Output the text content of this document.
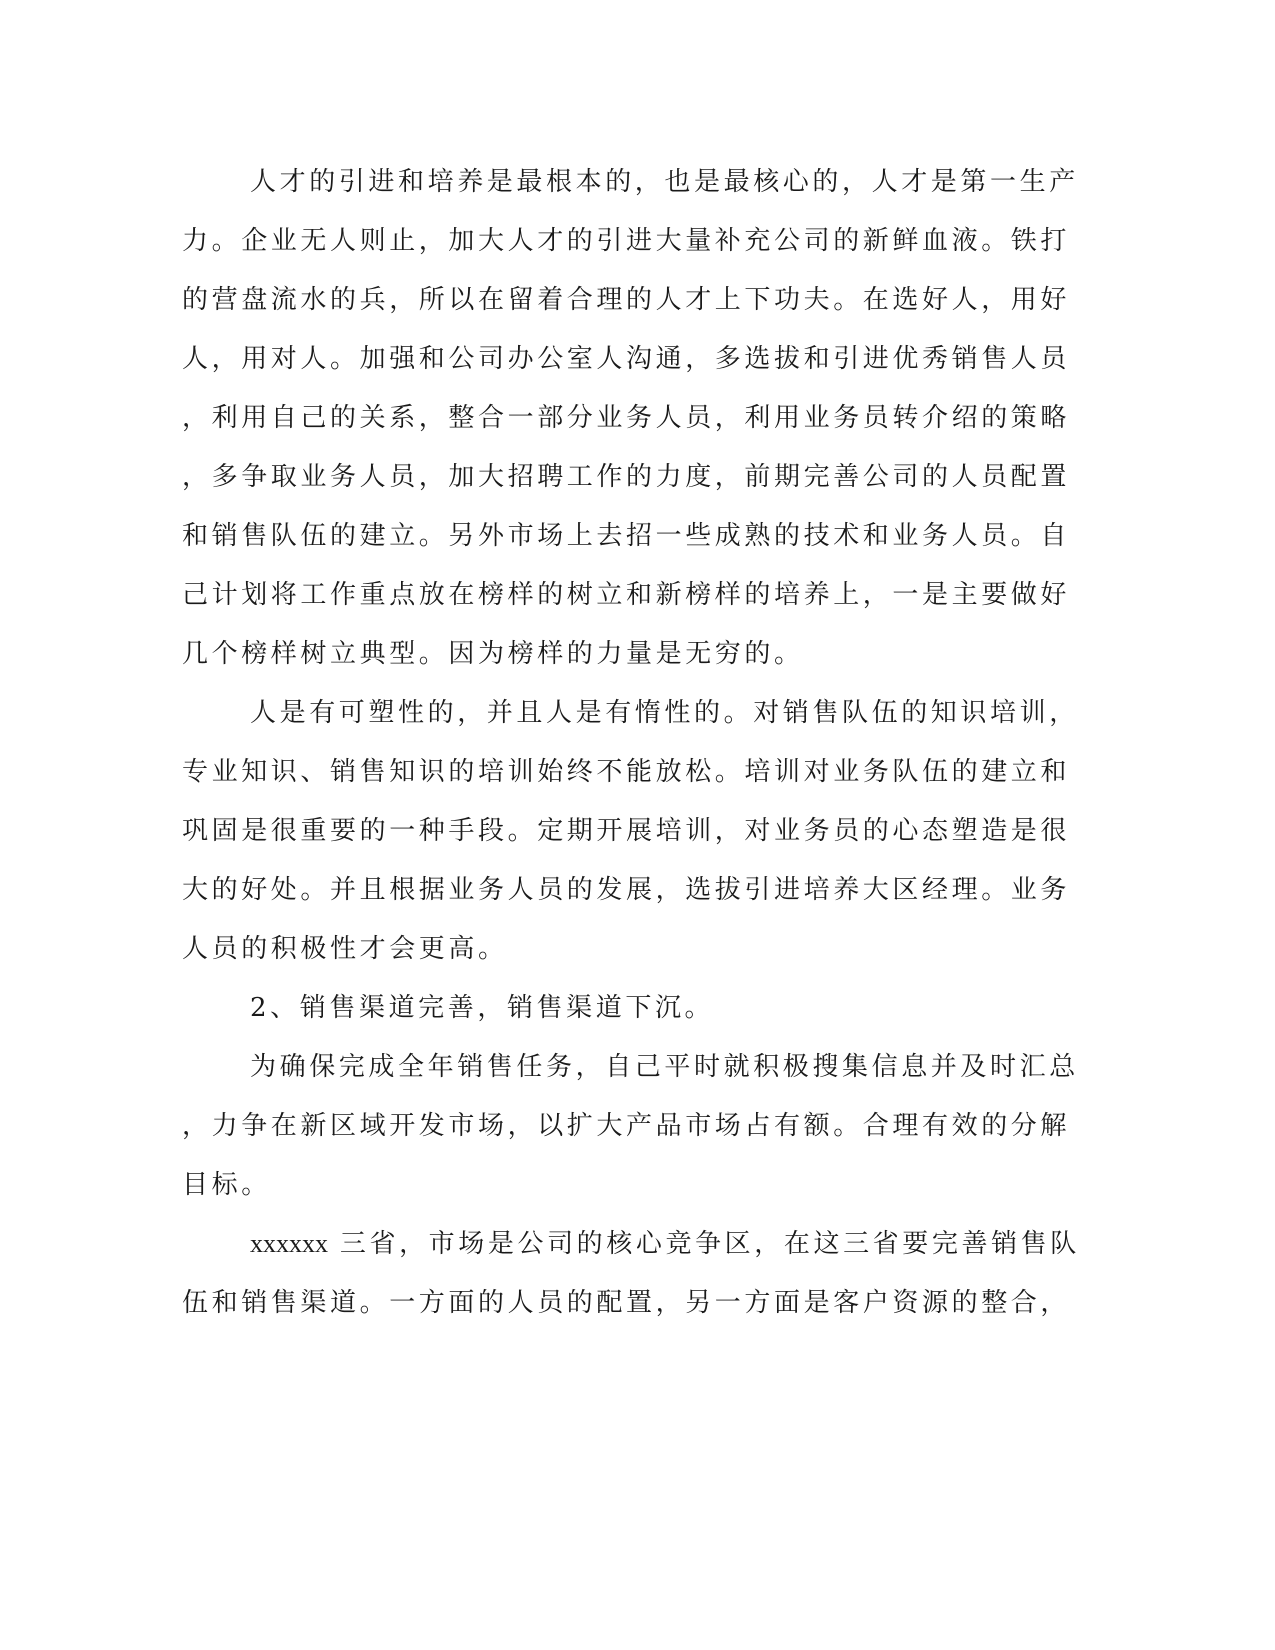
人才的引进和培养是最根本的，也是最核心的，人才是第一生产

力。企业无人则止，加大人才的引进大量补充公司的新鲜血液。铁打

的营盘流水的兵，所以在留着合理的人才上下功夫。在选好人，用好

人，用对人。加强和公司办公室人沟通，多选拔和引进优秀销售人员

，利用自己的关系，整合一部分业务人员，利用业务员转介绍的策略

，多争取业务人员，加大招聘工作的力度，前期完善公司的人员配置

和销售队伍的建立。另外市场上去招一些成熟的技术和业务人员。自

己计划将工作重点放在榜样的树立和新榜样的培养上，一是主要做好

几个榜样树立典型。因为榜样的力量是无穷的。

人是有可塑性的，并且人是有惰性的。对销售队伍的知识培训，

专业知识、销售知识的培训始终不能放松。培训对业务队伍的建立和

巩固是很重要的一种手段。定期开展培训，对业务员的心态塑造是很

大的好处。并且根据业务人员的发展，选拔引进培养大区经理。业务

人员的积极性才会更高。

2、销售渠道完善，销售渠道下沉。

为确保完成全年销售任务，自己平时就积极搜集信息并及时汇总

，力争在新区域开发市场，以扩大产品市场占有额。合理有效的分解

目标。

xxxxxx 三省，市场是公司的核心竞争区，在这三省要完善销售队

伍和销售渠道。一方面的人员的配置，另一方面是客户资源的整合，
